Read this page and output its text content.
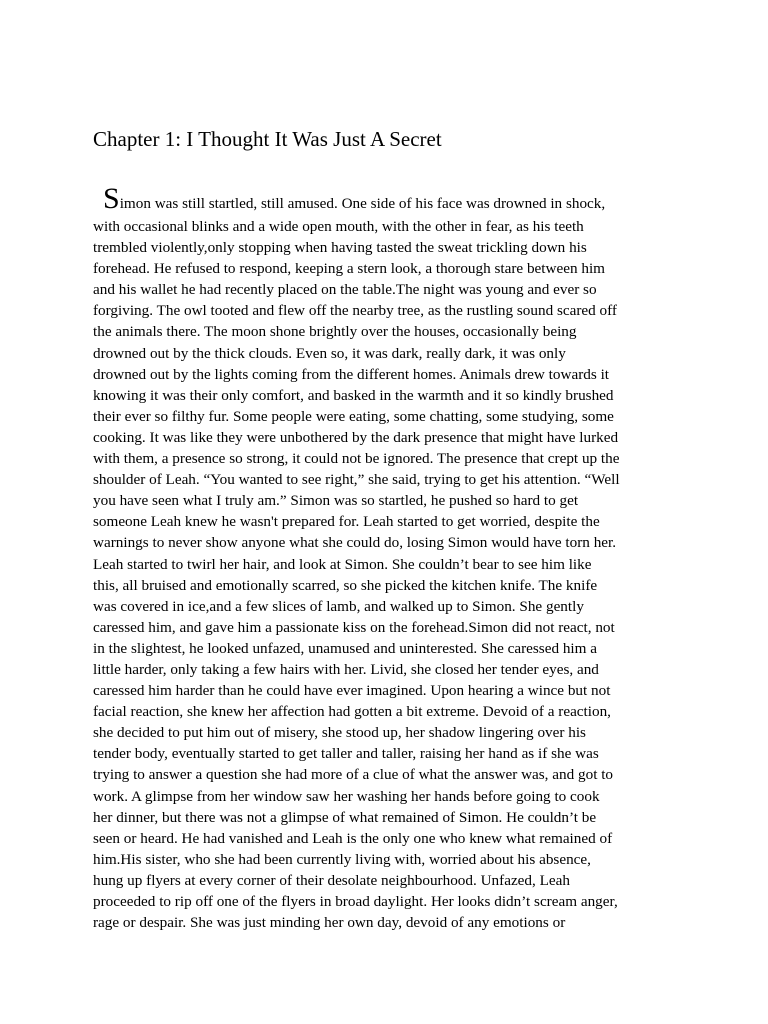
Chapter 1: I Thought It Was Just A Secret
Simon was still startled, still amused. One side of his face was drowned in shock,
with occasional blinks and a wide open mouth, with the other in fear, as his teeth
trembled violently,only stopping when having tasted the sweat trickling down his
forehead. He refused to respond, keeping a stern look, a thorough stare between him
and his wallet he had recently placed on the table.The night was young and ever so
forgiving. The owl tooted and flew off the nearby tree, as the rustling sound scared off
the animals there. The moon shone brightly over the houses, occasionally being
drowned out by the thick clouds. Even so, it was dark, really dark, it was only
drowned out by the lights coming from the different homes. Animals drew towards it
knowing it was their only comfort, and basked in the warmth and it so kindly brushed
their ever so filthy fur. Some people were eating, some chatting, some studying, some
cooking. It was like they were unbothered by the dark presence that might have lurked
with them, a presence so strong, it could not be ignored. The presence that crept up the
shoulder of Leah. “You wanted to see right,” she said, trying to get his attention. “Well
you have seen what I truly am.” Simon was so startled, he pushed so hard to get
someone Leah knew he wasn't prepared for. Leah started to get worried, despite the
warnings to never show anyone what she could do, losing Simon would have torn her.
Leah started to twirl her hair, and look at Simon. She couldn’t bear to see him like
this, all bruised and emotionally scarred, so she picked the kitchen knife. The knife
was covered in ice,and a few slices of lamb, and walked up to Simon. She gently
caressed him, and gave him a passionate kiss on the forehead.Simon did not react, not
in the slightest, he looked unfazed, unamused and uninterested. She caressed him a
little harder, only taking a few hairs with her. Livid, she closed her tender eyes, and
caressed him harder than he could have ever imagined. Upon hearing a wince but not
facial reaction, she knew her affection had gotten a bit extreme. Devoid of a reaction,
she decided to put him out of misery, she stood up, her shadow lingering over his
tender body, eventually started to get taller and taller, raising her hand as if she was
trying to answer a question she had more of a clue of what the answer was, and got to
work. A glimpse from her window saw her washing her hands before going to cook
her dinner, but there was not a glimpse of what remained of Simon. He couldn’t be
seen or heard. He had vanished and Leah is the only one who knew what remained of
him.His sister, who she had been currently living with, worried about his absence,
hung up flyers at every corner of their desolate neighbourhood. Unfazed, Leah
proceeded to rip off one of the flyers in broad daylight. Her looks didn’t scream anger,
rage or despair. She was just minding her own day, devoid of any emotions or
